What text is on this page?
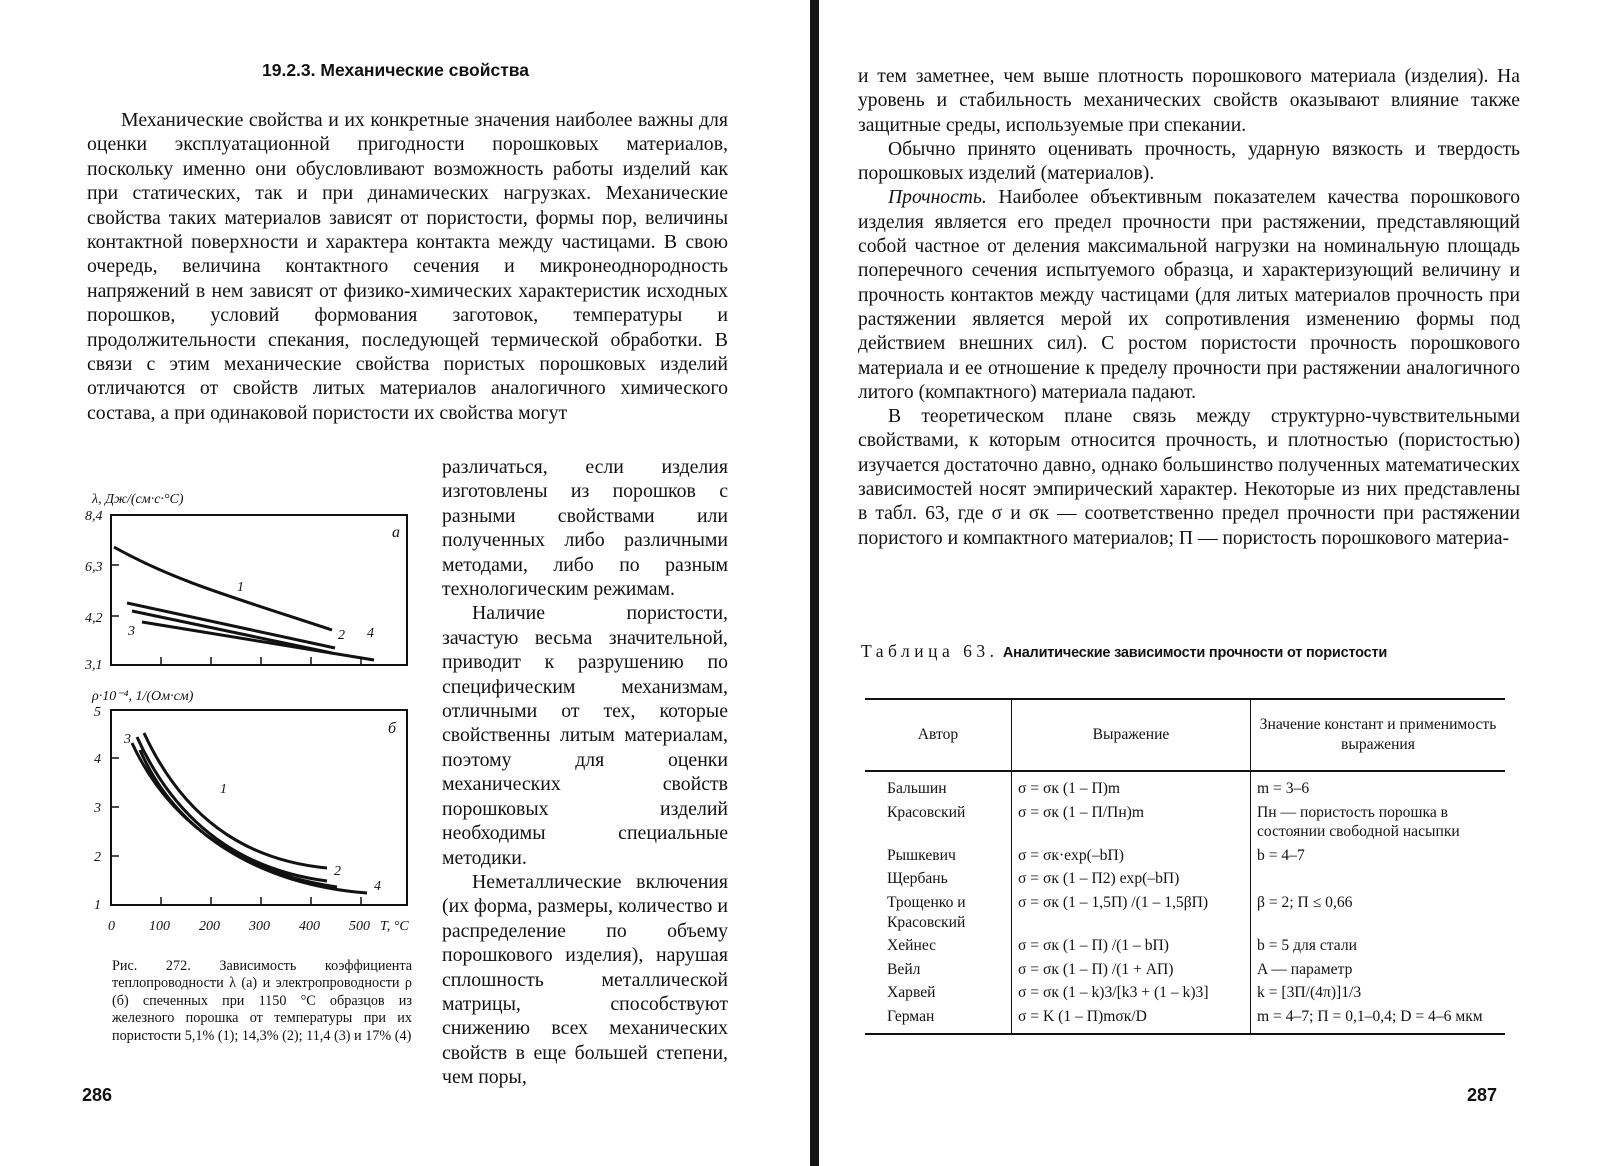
19.2.3. Механические свойства

Механические свойства и их конкретные значения наиболее важны для оценки эксплуатационной пригодности порошковых материалов, поскольку именно они обусловливают возможность работы изделий как при статических, так и при динамических нагрузках. Механические свойства таких материалов зависят от пористости, формы пор, величины контактной поверхности и характера контакта между частицами. В свою очередь, величина контактного сечения и микронеоднородность напряжений в нем зависят от физико-химических характеристик исходных порошков, условий формования заготовок, температуры и продолжительности спекания, последующей термической обработки. В связи с этим механические свойства пористых порошковых изделий отличаются от свойств литых материалов аналогичного химического состава, а при одинаковой пористости их свойства могут

различаться, если изделия изготовлены из порошков с разными свойствами или полученных либо различными методами, либо по разным технологическим режимам.

Наличие пористости, зачастую весьма значительной, приводит к разрушению по специфическим механизмам, отличными от тех, которые свойственны литым материалам, поэтому для оценки механических свойств порошковых изделий необходимы специальные методики.

Неметаллические включения (их форма, размеры, количество и распределение по объему порошкового изделия), нарушая сплошность металлической матрицы, способствуют снижению всех механических свойств в еще большей степени, чем поры,

λ, Дж/(см·с·°С)
8,4
6,3
4,2
3,1
а
1
2
3	4
ρ·10⁻⁴, 1/(Ом·см)
5
4
3
2
1
б
1
2
3
4
0 100 200 300 400 500 T, °C

Рис. 272. Зависимость коэффициента теплопроводности λ (а) и электропроводности ρ (б) спеченных при 1150 °С образцов из железного порошка от температуры при их пористости 5,1% (1); 14,3% (2); 11,4 (3) и 17% (4)

286

и тем заметнее, чем выше плотность порошкового материала (изделия). На уровень и стабильность механических свойств оказывают влияние также защитные среды, используемые при спекании.

Обычно принято оценивать прочность, ударную вязкость и твердость порошковых изделий (материалов).

Прочность. Наиболее объективным показателем качества порошкового изделия является его предел прочности при растяжении, представляющий собой частное от деления максимальной нагрузки на номинальную площадь поперечного сечения испытуемого образца, и характеризующий величину и прочность контактов между частицами (для литых материалов прочность при растяжении является мерой их сопротивления изменению формы под действием внешних сил). С ростом пористости прочность порошкового материала и ее отношение к пределу прочности при растяжении аналогичного литого (компактного) материала падают.

В теоретическом плане связь между структурно-чувствительными свойствами, к которым относится прочность, и плотностью (пористостью) изучается достаточно давно, однако большинство полученных математических зависимостей носят эмпирический характер. Некоторые из них представлены в табл. 63, где σ и σк — соответственно предел прочности при растяжении пористого и компактного материалов; П — пористость порошкового материа-

Таблица 63. Аналитические зависимости прочности от пористости
Автор	Выражение	Значение констант и применимость выражения
Бальшин	σ = σк (1 – П)m	m = 3–6
Красовский	σ = σк (1 – П/Пн)m	Пн — пористость порошка в состоянии свободной насыпки
Рышкевич	σ = σк·exp(–bП)	b = 4–7
Щербань	σ = σк (1 – П2) exp(–bП)	
Трощенко и Красовский	σ = σк (1 – 1,5П) /(1 – 1,5βП)	β = 2; П ≤ 0,66
Хейнес	σ = σк (1 – П) /(1 – bП)	b = 5 для стали
Вейл	σ = σк (1 – П) /(1 + AП)	A — параметр
Харвей	σ = σк (1 – k)3/[k3 + (1 – k)3]	k = [3П/(4π)]1/3
Герман	σ = K (1 – П)mσк/D	m = 4–7; П = 0,1–0,4; D = 4–6 мкм
287
